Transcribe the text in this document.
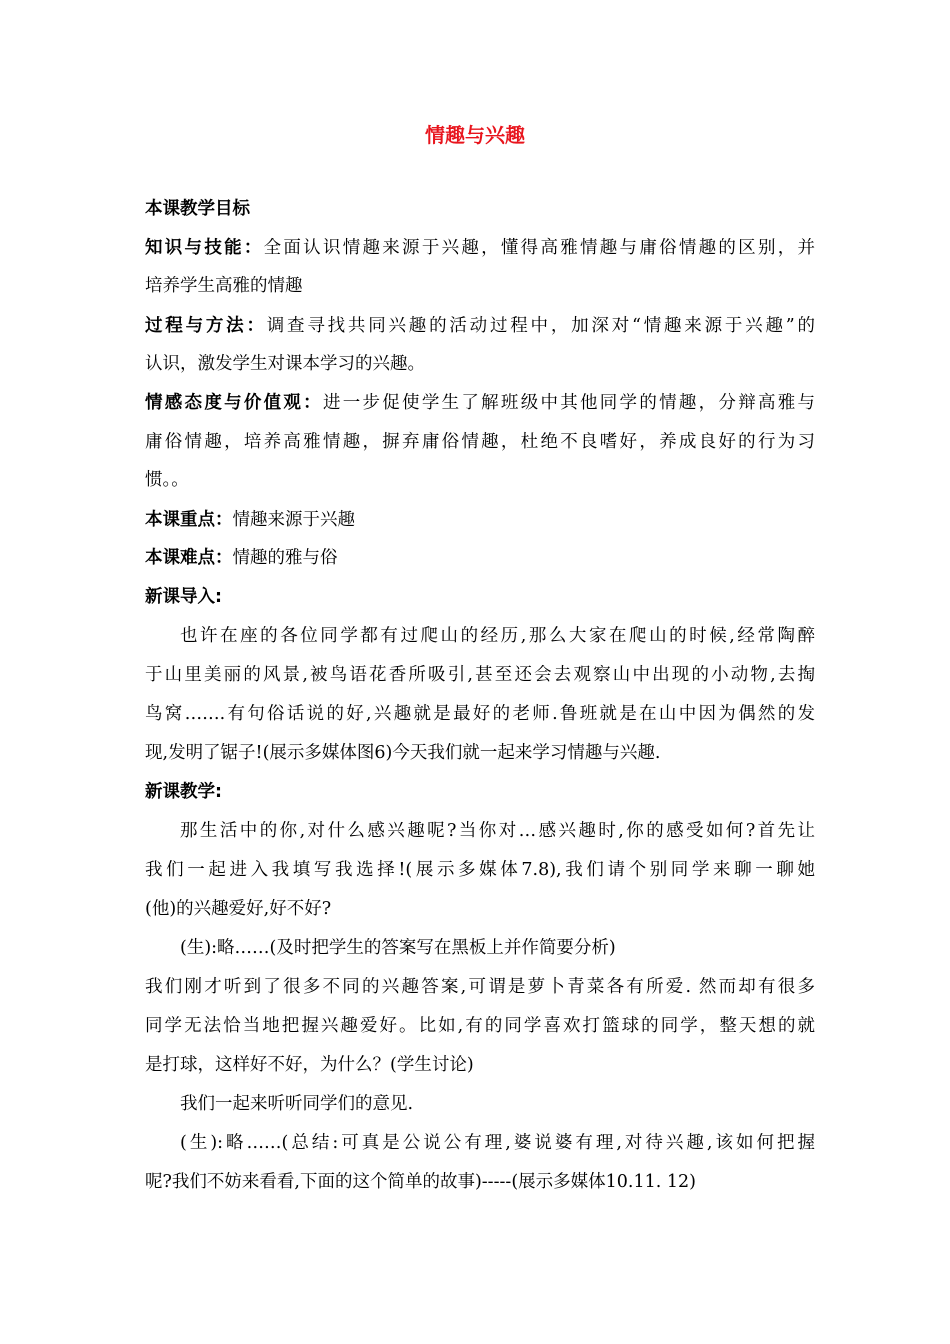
情趣与兴趣
本课教学目标
知识与技能：全面认识情趣来源于兴趣，懂得高雅情趣与庸俗情趣的区别，并
培养学生高雅的情趣
过程与方法：调查寻找共同兴趣的活动过程中，加深对“情趣来源于兴趣”的
认识，激发学生对课本学习的兴趣。
情感态度与价值观：进一步促使学生了解班级中其他同学的情趣，分辩高雅与
庸俗情趣，培养高雅情趣，摒弃庸俗情趣，杜绝不良嗜好，养成良好的行为习
惯。。
本课重点：情趣来源于兴趣
本课难点：情趣的雅与俗
新课导入:
也许在座的各位同学都有过爬山的经历,那么大家在爬山的时候,经常陶醉
于山里美丽的风景,被鸟语花香所吸引,甚至还会去观察山中出现的小动物,去掏
鸟窝…….有句俗话说的好,兴趣就是最好的老师.鲁班就是在山中因为偶然的发
现,发明了锯子!(展示多媒体图6)今天我们就一起来学习情趣与兴趣.
新课教学:
那生活中的你,对什么感兴趣呢?当你对…感兴趣时,你的感受如何?首先让
我们一起进入我填写我选择!(展示多媒体7.8),我们请个别同学来聊一聊她
(他)的兴趣爱好,好不好?
(生):略……(及时把学生的答案写在黑板上并作简要分析)
我们刚才听到了很多不同的兴趣答案,可谓是萝卜青菜各有所爱. 然而却有很多
同学无法恰当地把握兴趣爱好。比如,有的同学喜欢打篮球的同学，整天想的就
是打球，这样好不好，为什么？(学生讨论)
我们一起来听听同学们的意见.
(生):略……(总结:可真是公说公有理,婆说婆有理,对待兴趣,该如何把握
呢?我们不妨来看看,下面的这个简单的故事)-----(展示多媒体10.11. 12)
